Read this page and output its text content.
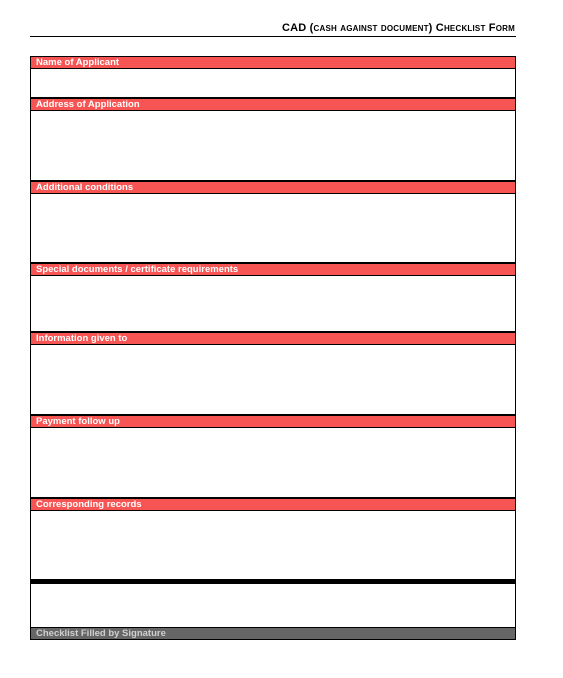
CAD (cash against document) Checklist Form
Name of Applicant
Address of Application
Additional conditions
Special documents / certificate requirements
Information given to
Payment follow up
Corresponding records
Checklist Filled by Signature
